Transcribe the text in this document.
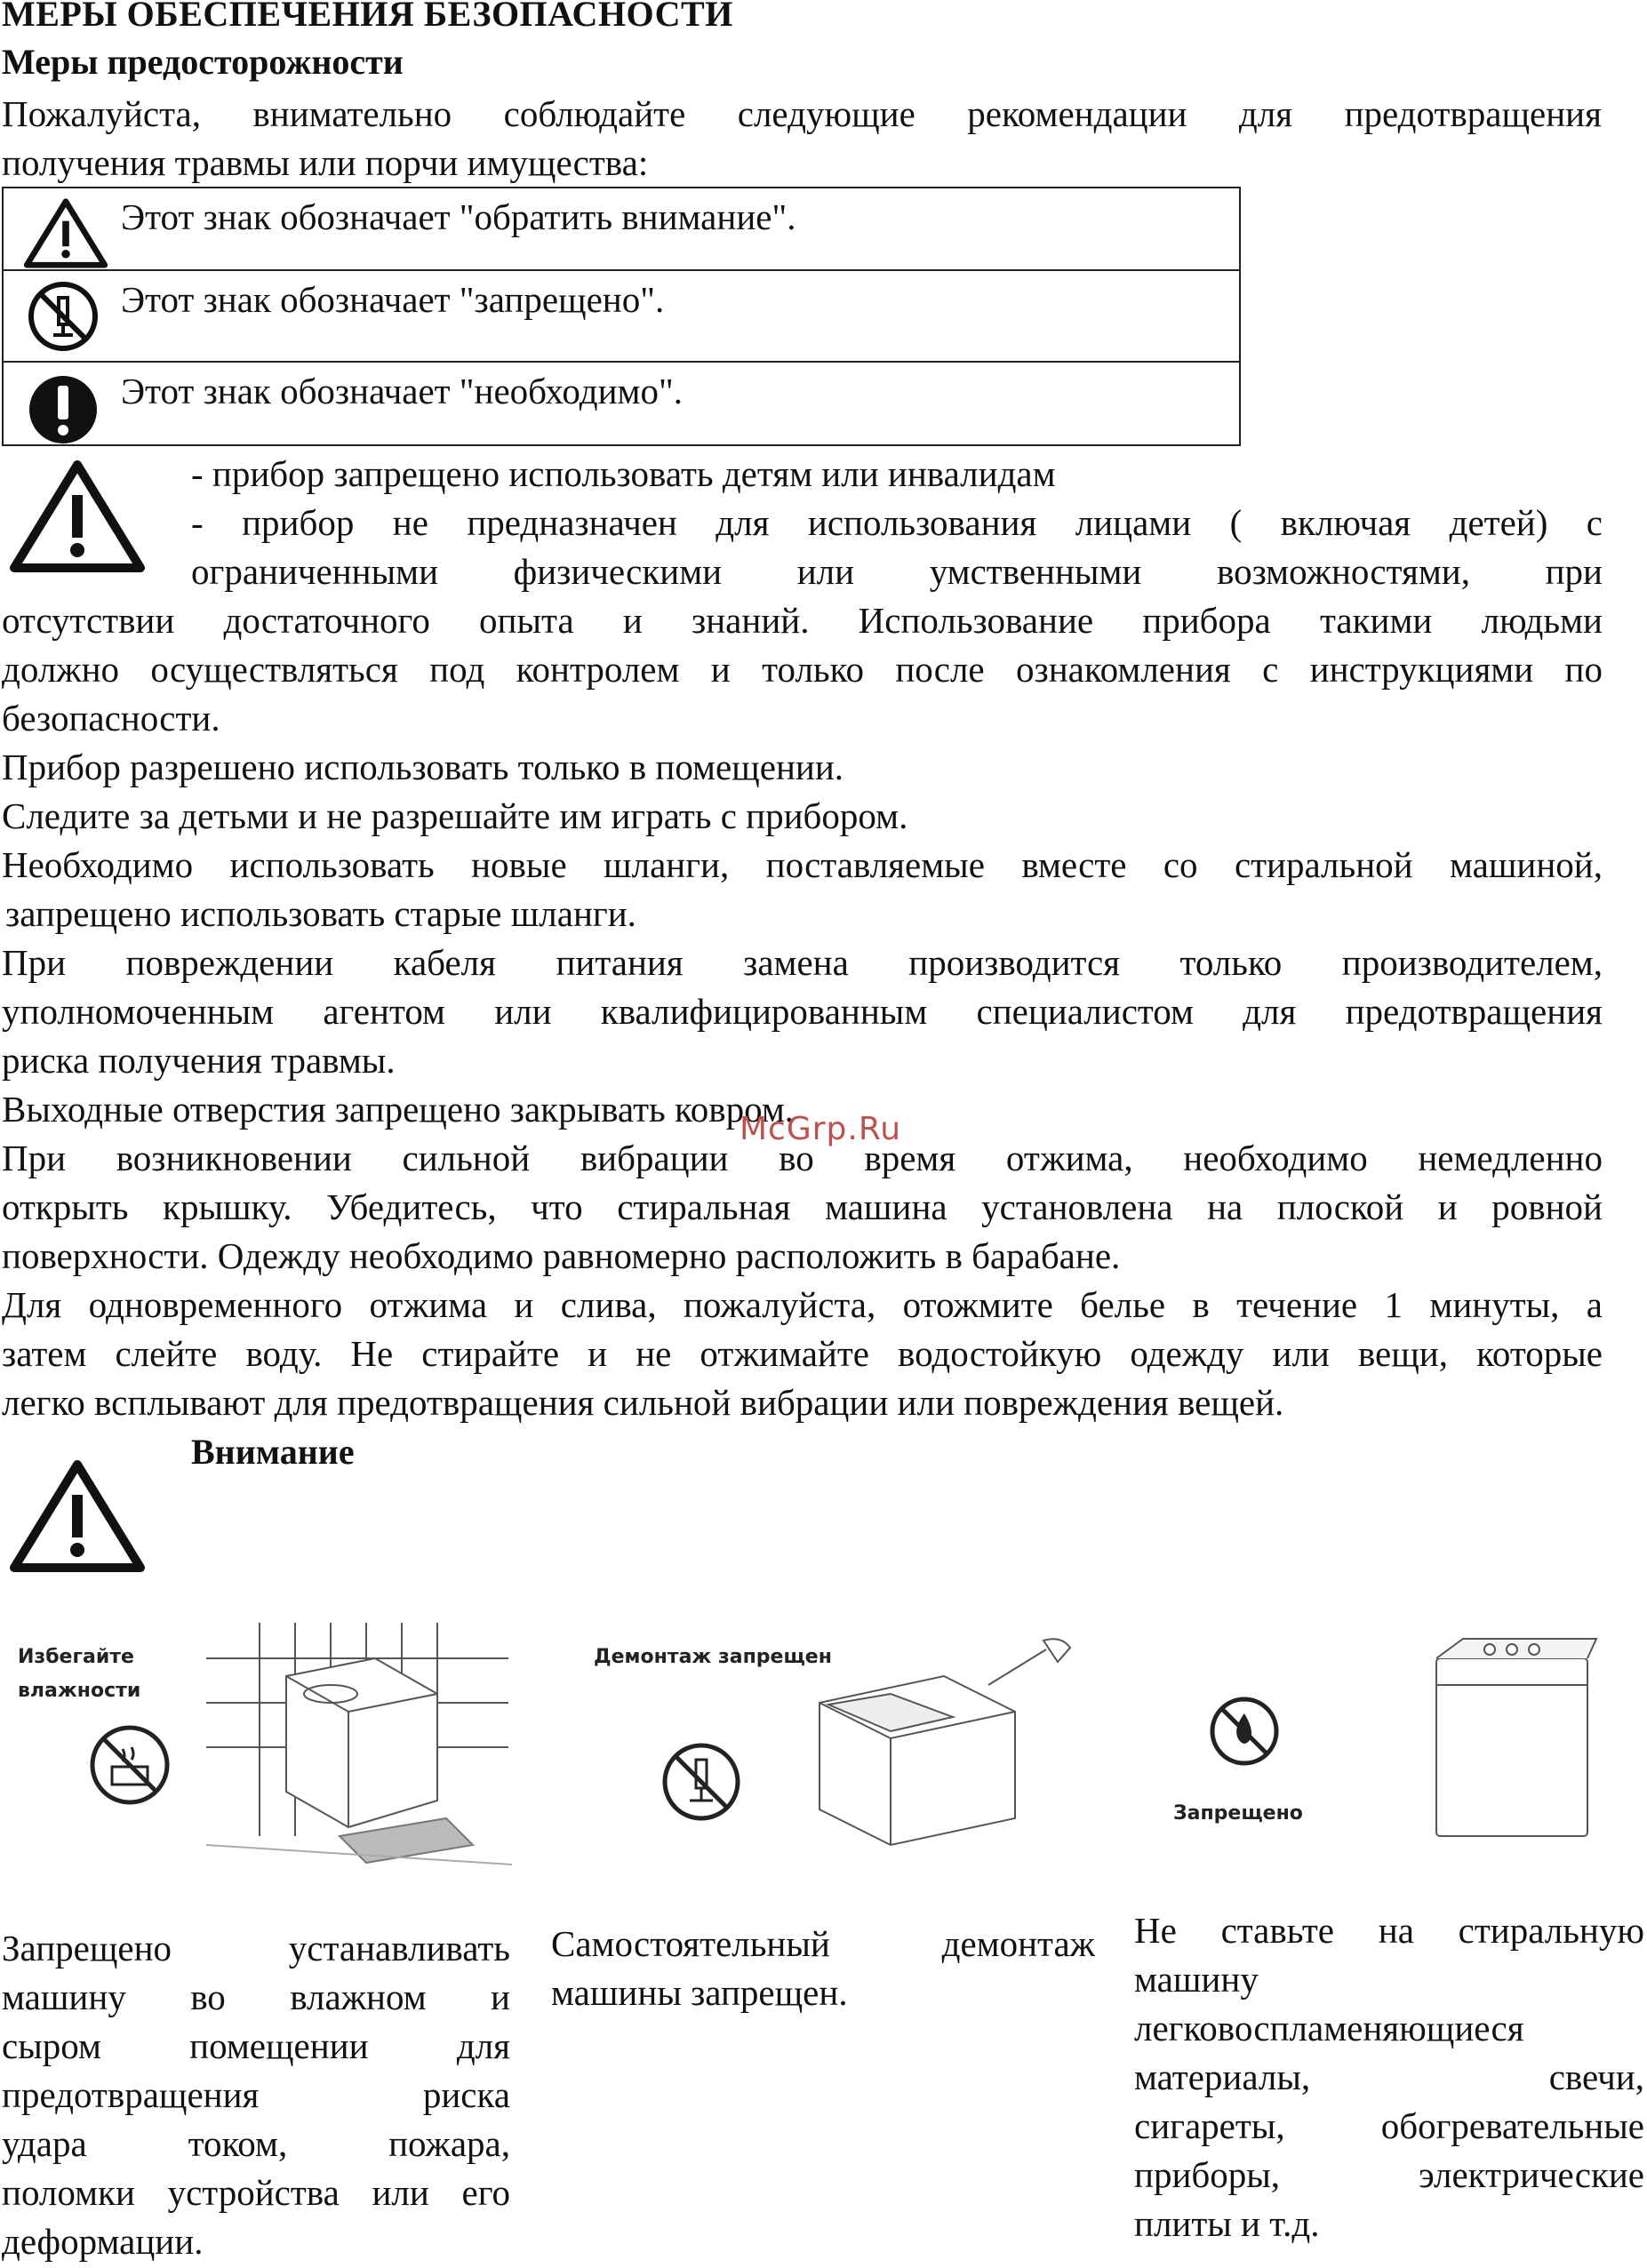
МЕРЫ ОБЕСПЕЧЕНИЯ БЕЗОПАСНОСТИ
Меры предосторожности
Пожалуйста, внимательно соблюдайте следующие рекомендации для предотвращения
получения травмы или порчи имущества:
Этот знак обозначает "обратить внимание".
Этот знак обозначает "запрещено".
Этот знак обозначает "необходимо".
- прибор запрещено использовать детям или инвалидам
- прибор не предназначен для использования лицами ( включая детей) с
ограниченными физическими или умственными возможностями, при
отсутствии достаточного опыта и знаний. Использование прибора такими людьми
должно осуществляться под контролем и только после ознакомления с инструкциями по
безопасности.
Прибор разрешено использовать только в помещении.
Следите за детьми и не разрешайте им играть с прибором.
Необходимо использовать новые шланги, поставляемые вместе со стиральной машиной,
запрещено использовать старые шланги.
При повреждении кабеля питания замена производится только производителем,
уполномоченным агентом или квалифицированным специалистом для предотвращения
риска получения травмы.
Выходные отверстия запрещено закрывать ковром.
При возникновении сильной вибрации во время отжима, необходимо немедленно
открыть крышку. Убедитесь, что стиральная машина установлена на плоской и ровной
поверхности. Одежду необходимо равномерно расположить в барабане.
Для одновременного отжима и слива, пожалуйста, отожмите белье в течение 1 минуты, а
затем слейте воду. Не стирайте и не отжимайте водостойкую одежду или вещи, которые
легко всплывают для предотвращения сильной вибрации или повреждения вещей.
McGrp.Ru
Внимание
Избегайте
влажности
Демонтаж запрещен
Запрещено
Запрещено устанавливать
машину во влажном и
сыром помещении для
предотвращения риска
удара током, пожара,
поломки устройства или его
деформации.
Самостоятельный демонтаж
машины запрещен.
Не ставьте на стиральную
машину
легковоспламеняющиеся
материалы, свечи,
сигареты, обогревательные
приборы, электрические
плиты и т.д.
